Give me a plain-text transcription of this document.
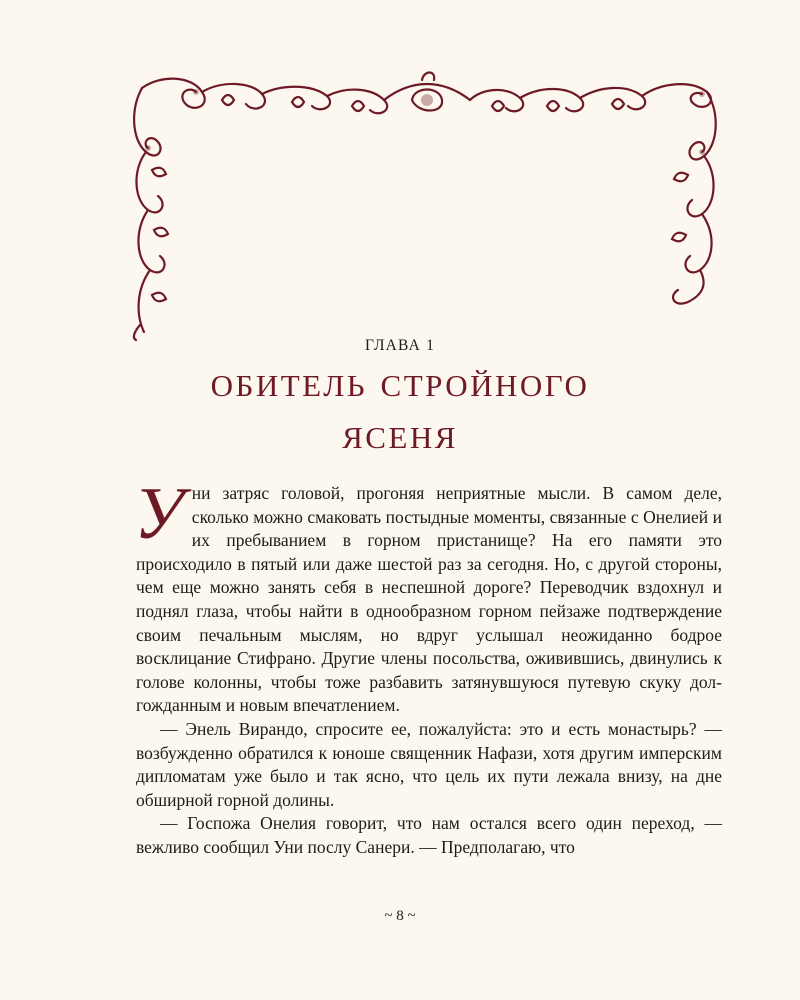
ГЛАВА 1
обитель стройного
ясеня

Уни затряс головой, прогоняя неприятные мысли. В самом деле, сколько можно смаковать постыдные моменты, связанные с Онелией и их пребыванием в горном пристанище? На его памяти это происходило в пятый или даже шестой раз за сегодня. Но, с другой стороны, чем еще можно занять себя в неспешной дороге? Переводчик вздохнул и поднял глаза, чтобы найти в однообразном горном пейзаже подтверждение своим печальным мыслям, но вдруг услышал неожиданно бодрое восклицание Стифрано. Другие члены посольства, оживившись, двинулись к голове колонны, чтобы тоже разбавить затянувшуюся путевую скуку долгожданным и новым впечатлением.

— Энель Вирандо, спросите ее, пожалуйста: это и есть монастырь? — возбужденно обратился к юноше священник Нафази, хотя другим имперским дипломатам уже было и так ясно, что цель их пути лежала внизу, на дне обширной горной долины.

— Госпожа Онелия говорит, что нам остался всего один переход, — вежливо сообщил Уни послу Санери. — Предполагаю, что

~ 8 ~
